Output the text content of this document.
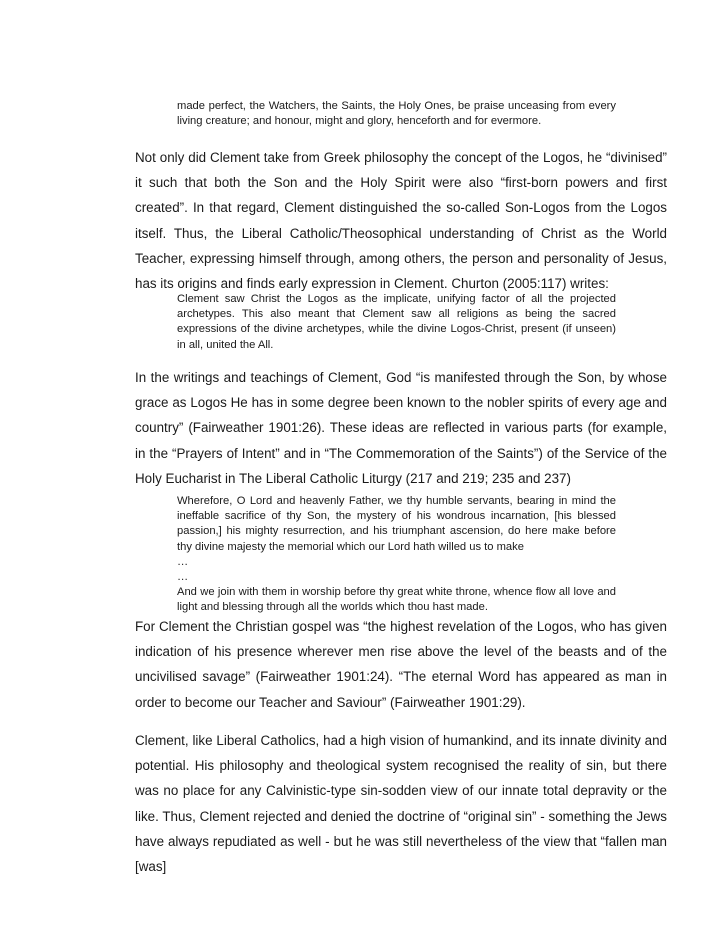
made perfect, the Watchers, the Saints, the Holy Ones, be praise unceasing from every living creature; and honour, might and glory, henceforth and for evermore.

Not only did Clement take from Greek philosophy the concept of the Logos, he “divinised” it such that both the Son and the Holy Spirit were also “first-born powers and first created”. In that regard, Clement distinguished the so-called Son-Logos from the Logos itself. Thus, the Liberal Catholic/Theosophical understanding of Christ as the World Teacher, expressing himself through, among others, the person and personality of Jesus, has its origins and finds early expression in Clement. Churton (2005:117) writes:

Clement saw Christ the Logos as the implicate, unifying factor of all the projected archetypes. This also meant that Clement saw all religions as being the sacred expressions of the divine archetypes, while the divine Logos-Christ, present (if unseen) in all, united the All.

In the writings and teachings of Clement, God “is manifested through the Son, by whose grace as Logos He has in some degree been known to the nobler spirits of every age and country” (Fairweather 1901:26). These ideas are reflected in various parts (for example, in the “Prayers of Intent” and in “The Commemoration of the Saints”) of the Service of the Holy Eucharist in The Liberal Catholic Liturgy (217 and 219; 235 and 237)

Wherefore, O Lord and heavenly Father, we thy humble servants, bearing in mind the ineffable sacrifice of thy Son, the mystery of his wondrous incarnation, [his blessed passion,] his mighty resurrection, and his triumphant ascension, do here make before thy divine majesty the memorial which our Lord hath willed us to make
…
…
And we join with them in worship before thy great white throne, whence flow all love and light and blessing through all the worlds which thou hast made.

For Clement the Christian gospel was “the highest revelation of the Logos, who has given indication of his presence wherever men rise above the level of the beasts and of the uncivilised savage” (Fairweather 1901:24). “The eternal Word has appeared as man in order to become our Teacher and Saviour” (Fairweather 1901:29).

Clement, like Liberal Catholics, had a high vision of humankind, and its innate divinity and potential. His philosophy and theological system recognised the reality of sin, but there was no place for any Calvinistic-type sin-sodden view of our innate total depravity or the like. Thus, Clement rejected and denied the doctrine of “original sin” - something the Jews have always repudiated as well - but he was still nevertheless of the view that “fallen man [was]
